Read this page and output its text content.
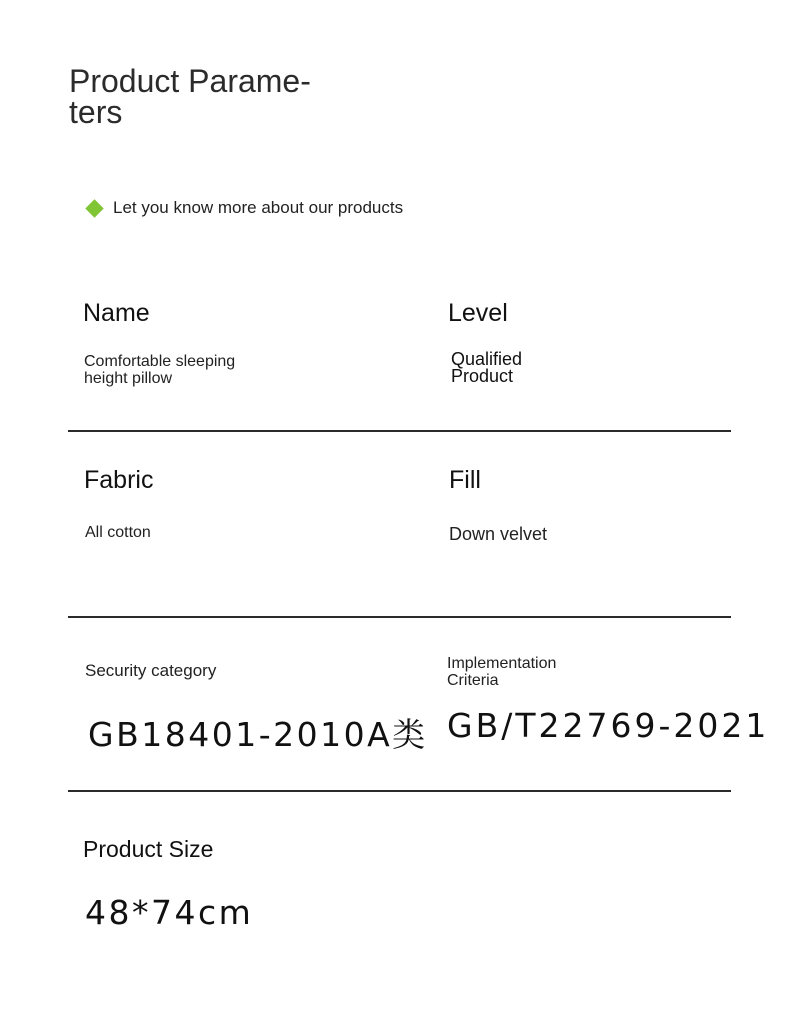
Product Parame-
ters
Let you know more about our products
Name
Comfortable sleeping height pillow
Level
Qualified Product
Fabric
All cotton
Fill
Down velvet
Security category
GB18401-2010A类
Implementation Criteria
GB/T22769-2021
Product Size
48*74cm
